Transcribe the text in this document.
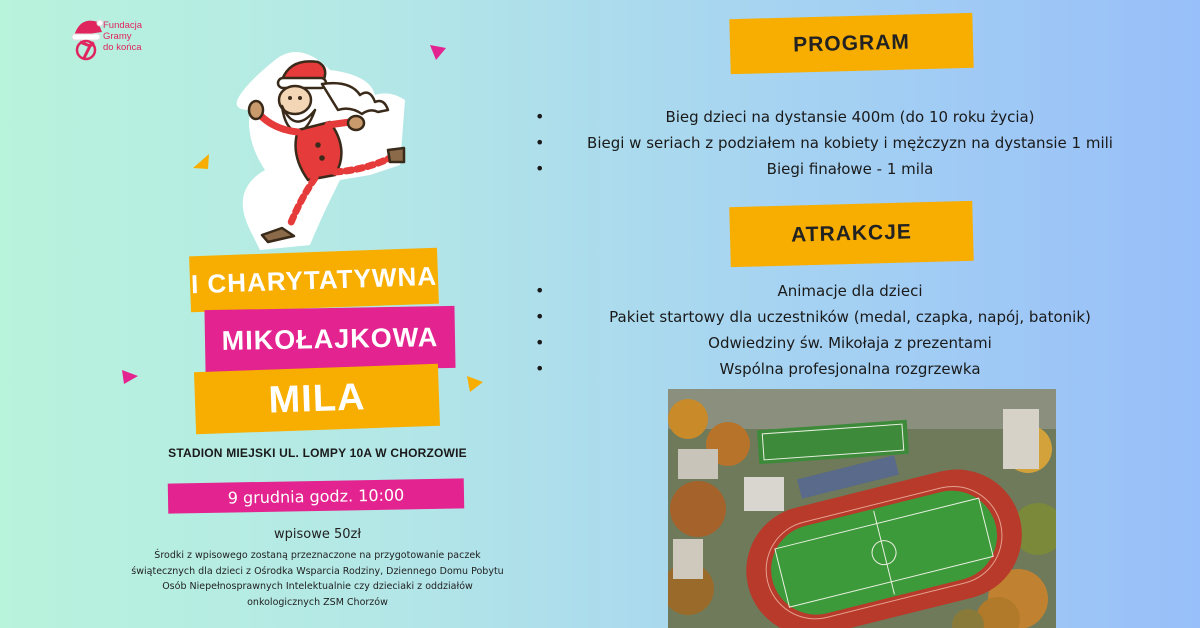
Fundacja
Gramy
do końca
I CHARYTATYWNA
MIKOŁAJKOWA
MILA
STADION MIEJSKI UL. LOMPY 10A W CHORZOWIE
9 grudnia godz. 10:00
wpisowe 50zł
Środki z wpisowego zostaną przeznaczone na przygotowanie paczek
świątecznych dla dzieci z Ośrodka Wsparcia Rodziny, Dziennego Domu Pobytu
Osób Niepełnosprawnych Intelektualnie czy dzieciaki z oddziałów
onkologicznych ZSM Chorzów
PROGRAM
• Bieg dzieci na dystansie 400m (do 10 roku życia)
• Biegi w seriach z podziałem na kobiety i mężczyzn na dystansie 1 mili
• Biegi finałowe - 1 mila
ATRAKCJE
• Animacje dla dzieci
• Pakiet startowy dla uczestników (medal, czapka, napój, batonik)
• Odwiedziny św. Mikołaja z prezentami
• Wspólna profesjonalna rozgrzewka
